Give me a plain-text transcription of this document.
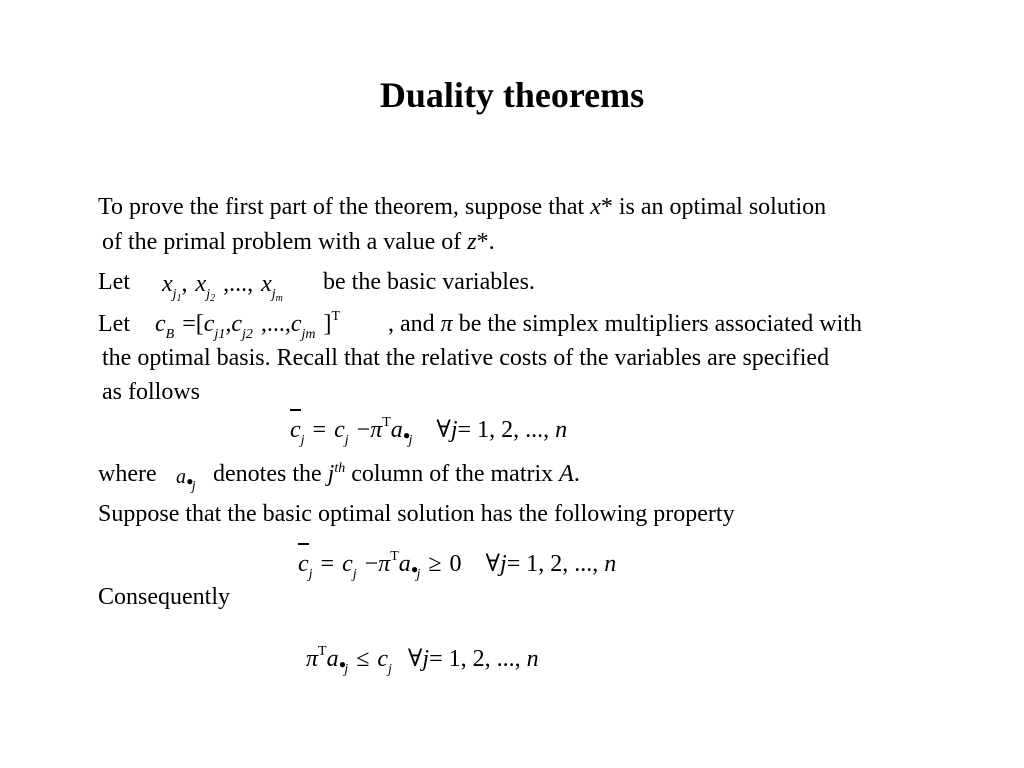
Duality theorems
To prove the first part of the theorem, suppose that x* is an optimal solution
of the primal problem with a value of z*.
Let $x_{j_1}$, $x_{j_2}$,..., $x_{j_m}$
be the basic variables.
Let $c_B =[c_{j1},c_{j2}$ $,...,c_{jm}$ ]$^T$ , and π be the simplex multipliers associated with
the optimal basis. Recall that the relative costs of the variables are specified
as follows
$c_j = c_j$ $-\pi^Ta•_j$ ∀j= 1, 2, ..., n
where $a•_j$ denotes the $j^{th}$ column of the matrix A.
Suppose that the basic optimal solution has the following property
$c_j = c_j$ $-\pi^Ta•_j \ge 0$ ∀j= 1, 2, ..., n
Consequently
$\pi^Ta•_j \le c_j$ ∀j= 1, 2, ..., n
